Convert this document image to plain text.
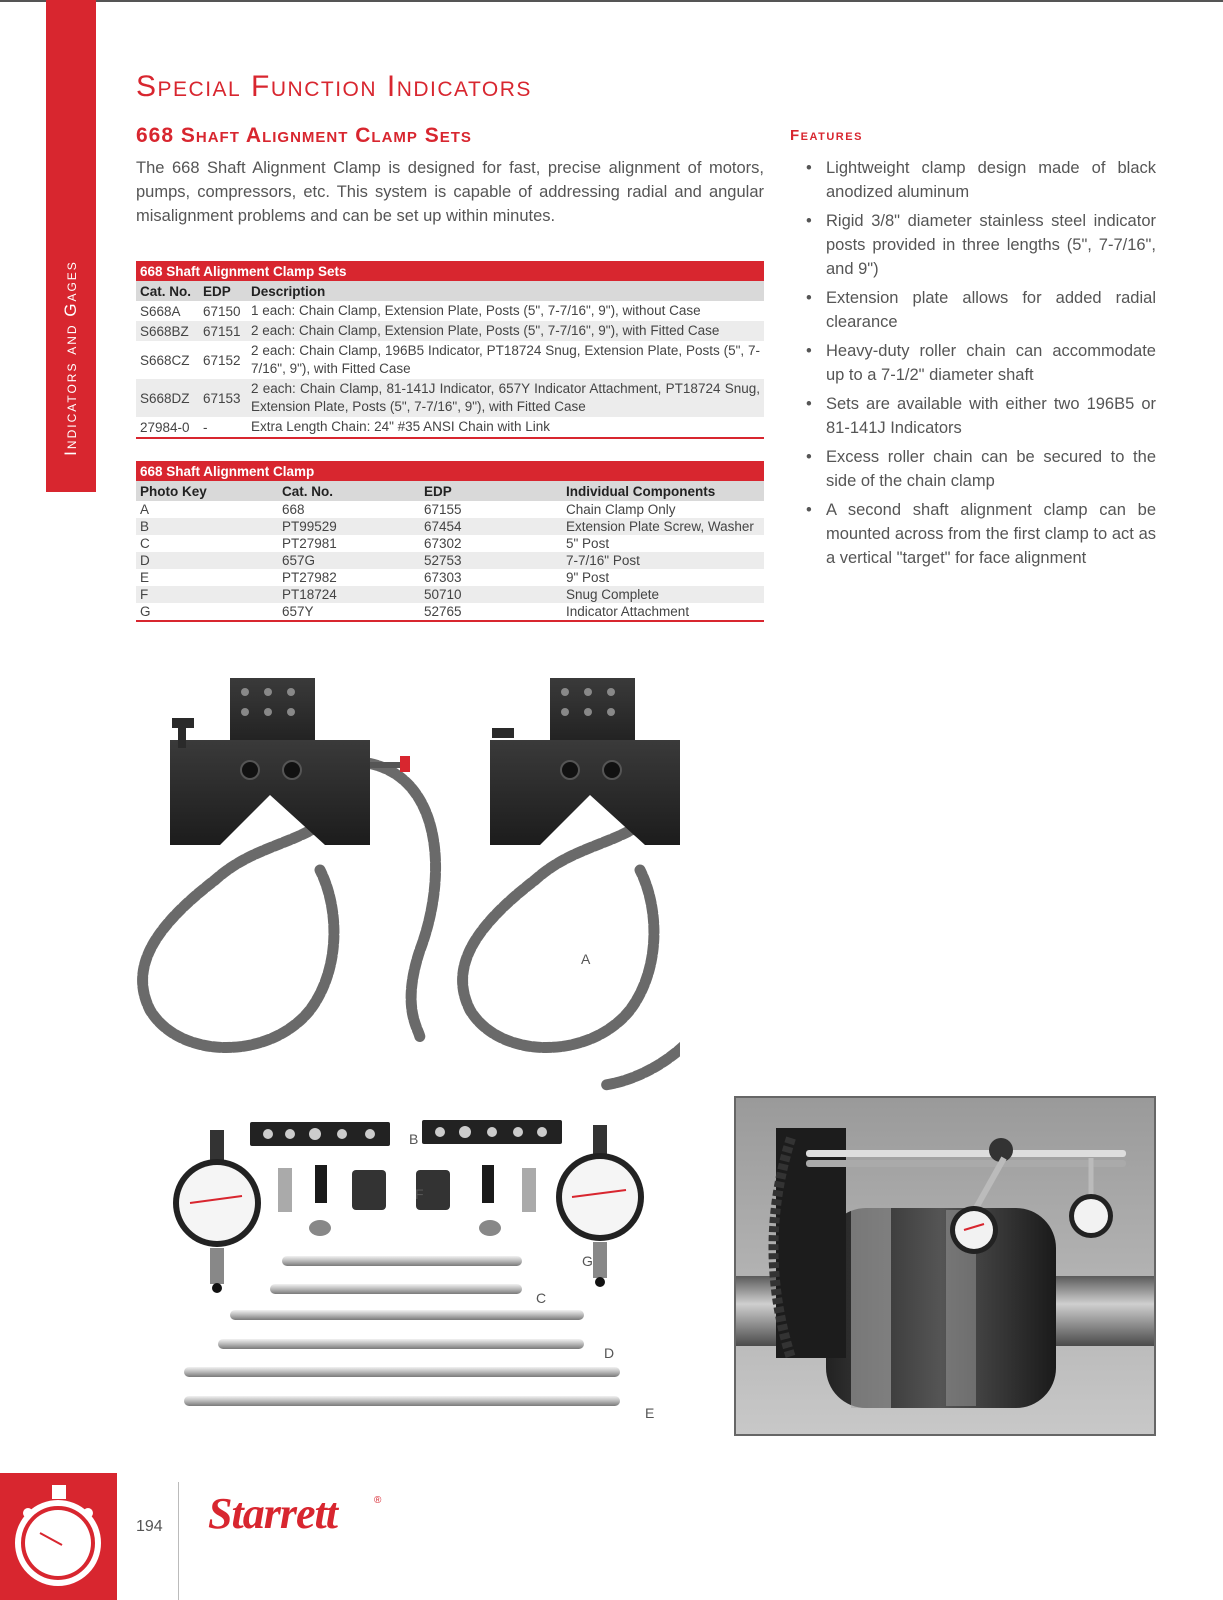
Indicators and Gages
Special Function Indicators
668 Shaft Alignment Clamp Sets

The 668 Shaft Alignment Clamp is designed for fast, precise alignment of motors, pumps, compressors, etc. This system is capable of addressing radial and angular misalignment problems and can be set up within minutes.

Features
• Lightweight clamp design made of black anodized aluminum
• Rigid 3/8" diameter stainless steel indicator posts provided in three lengths (5", 7-7/16", and 9")
• Extension plate allows for added radial clearance
• Heavy-duty roller chain can accommodate up to a 7-1/2" diameter shaft
• Sets are available with either two 196B5 or 81-141J Indicators
• Excess roller chain can be secured to the side of the chain clamp
• A second shaft alignment clamp can be mounted across from the first clamp to act as a vertical "target" for face alignment
668 Shaft Alignment Clamp Sets		
Cat. No.	EDP	Description
S668A	67150	1 each: Chain Clamp, Extension Plate, Posts (5", 7-7/16", 9"), without Case
S668BZ	67151	2 each: Chain Clamp, Extension Plate, Posts (5", 7-7/16", 9"), with Fitted Case
S668CZ	67152	2 each: Chain Clamp, 196B5 Indicator, PT18724 Snug, Extension Plate, Posts (5", 7-7/16", 9"), with Fitted Case
S668DZ	67153	2 each: Chain Clamp, 81-141J Indicator, 657Y Indicator Attachment, PT18724 Snug, Extension Plate, Posts (5", 7-7/16", 9"), with Fitted Case
27984-0	-	Extra Length Chain: 24" #35 ANSI Chain with Link
668 Shaft Alignment Clamp			
Photo Key	Cat. No.	EDP	Individual Components
A	668	67155	Chain Clamp Only
B	PT99529	67454	Extension Plate Screw, Washer
C	PT27981	67302	5" Post
D	657G	52753	7-7/16" Post
E	PT27982	67303	9" Post
F	PT18724	50710	Snug Complete
G	657Y	52765	Indicator Attachment
A
B
F
G
C
D
E
194 Starrett	®
